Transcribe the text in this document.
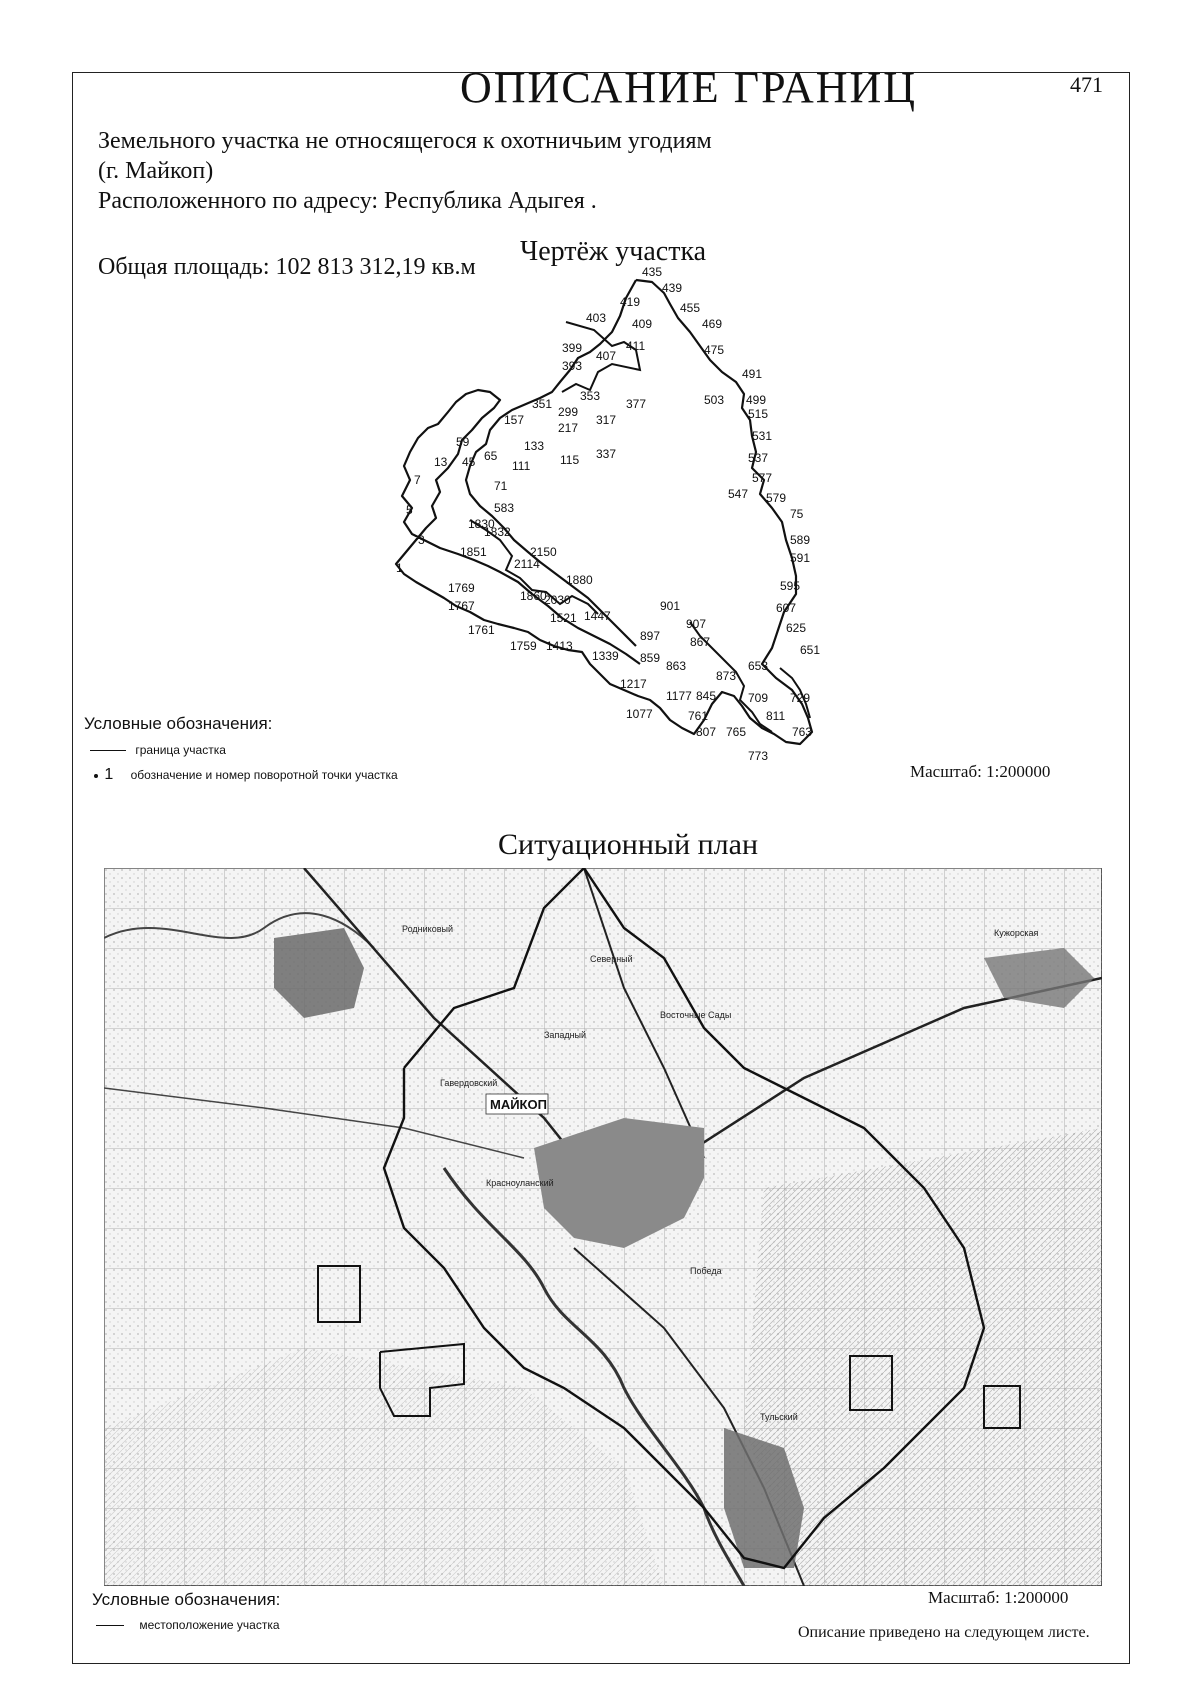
ОПИСАНИЕ ГРАНИЦ	471
Земельного участка не относящегося к охотничьим угодиям
(г. Майкоп)
Расположенного по адресу: Республика Адыгея .
Общая площадь: 102 813 312,19 кв.м Чертёж участка
435
439
419	455
403 409	469
399
407
411	475
393
491
353
377
351
299
317
503 499
157
217
515
531
59	133
337
13 45 65
111 115	537
577
7	71
547 579
5	583	75
1830
1832
589
3
2150	591
1851
2114
1
1880	595
1769
1860
2030
607
1767	901
1521 1447
625
1761	907
897 867
651
1759 1413
1339 859
863	653
873
1217
1177 845	709 729
1077	761	811
807 765	763
773
Условные обозначения:
граница участка
1 обозначение и номер поворотной точки участка	Масштаб: 1:200000
Ситуационный план
МАЙКОП
Родниковый
Северный
Западный
Гавердовский
Красноуланский
Победа
Тульский
Кужорская
Восточные Сады
Условные обозначения:
местоположение участка
Масштаб: 1:200000
Описание приведено на следующем листе.
